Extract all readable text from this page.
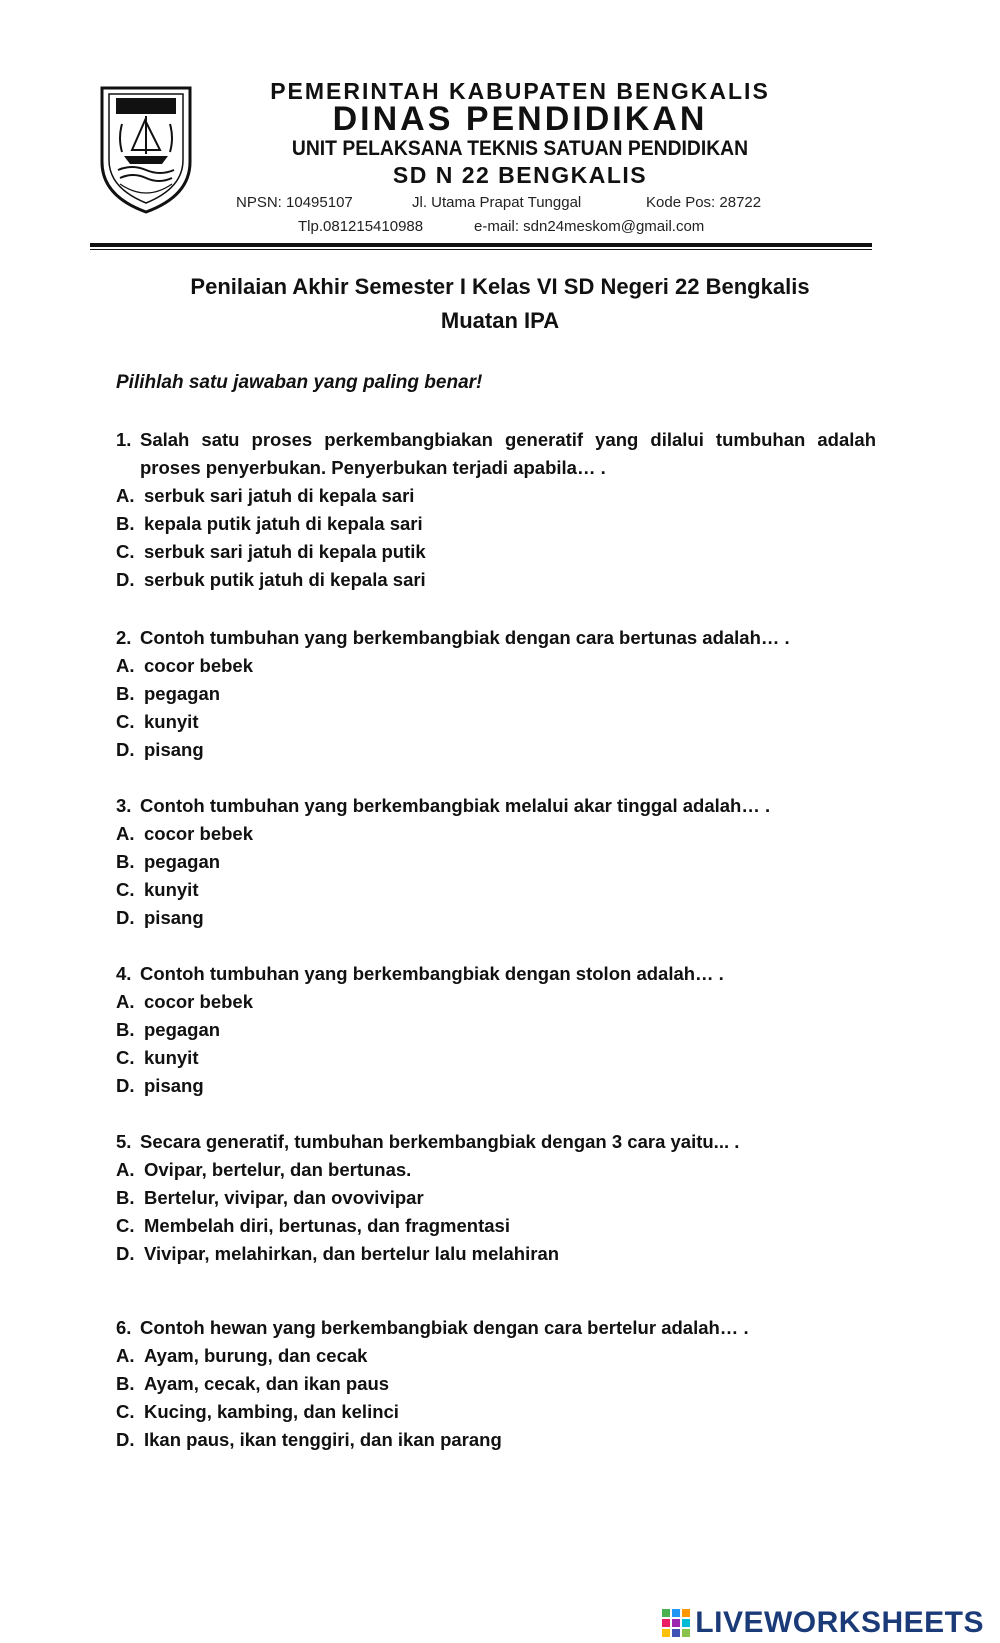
PEMERINTAH KABUPATEN BENGKALIS
DINAS PENDIDIKAN
UNIT PELAKSANA TEKNIS SATUAN PENDIDIKAN
SD N 22 BENGKALIS
NPSN: 10495107	Jl. Utama Prapat Tunggal	Kode Pos: 28722
Tlp.081215410988	e-mail: sdn24meskom@gmail.com
Penilaian Akhir Semester I Kelas VI SD Negeri 22 Bengkalis
Muatan IPA
Pilihlah satu jawaban yang paling benar!
1. Salah satu proses perkembangbiakan generatif yang dilalui tumbuhan adalah proses penyerbukan. Penyerbukan terjadi apabila… .
A. serbuk sari jatuh di kepala sari
B. kepala putik jatuh di kepala sari
C. serbuk sari jatuh di kepala putik
D. serbuk putik jatuh di kepala sari
2. Contoh tumbuhan yang berkembangbiak dengan cara bertunas adalah… .
A. cocor bebek
B. pegagan
C. kunyit
D. pisang
3. Contoh tumbuhan yang berkembangbiak melalui akar tinggal adalah… .
A. cocor bebek
B. pegagan
C. kunyit
D. pisang
4. Contoh tumbuhan yang berkembangbiak dengan stolon adalah… .
A. cocor bebek
B. pegagan
C. kunyit
D. pisang
5. Secara generatif, tumbuhan berkembangbiak dengan 3 cara yaitu... .
A. Ovipar, bertelur, dan bertunas.
B. Bertelur, vivipar, dan ovovivipar
C. Membelah diri, bertunas, dan fragmentasi
D. Vivipar, melahirkan, dan bertelur lalu melahiran
6. Contoh hewan yang berkembangbiak dengan cara bertelur adalah… .
A. Ayam, burung, dan cecak
B. Ayam, cecak, dan ikan paus
C. Kucing, kambing, dan kelinci
D. Ikan paus, ikan tenggiri, dan ikan parang
LIVEWORKSHEETS
